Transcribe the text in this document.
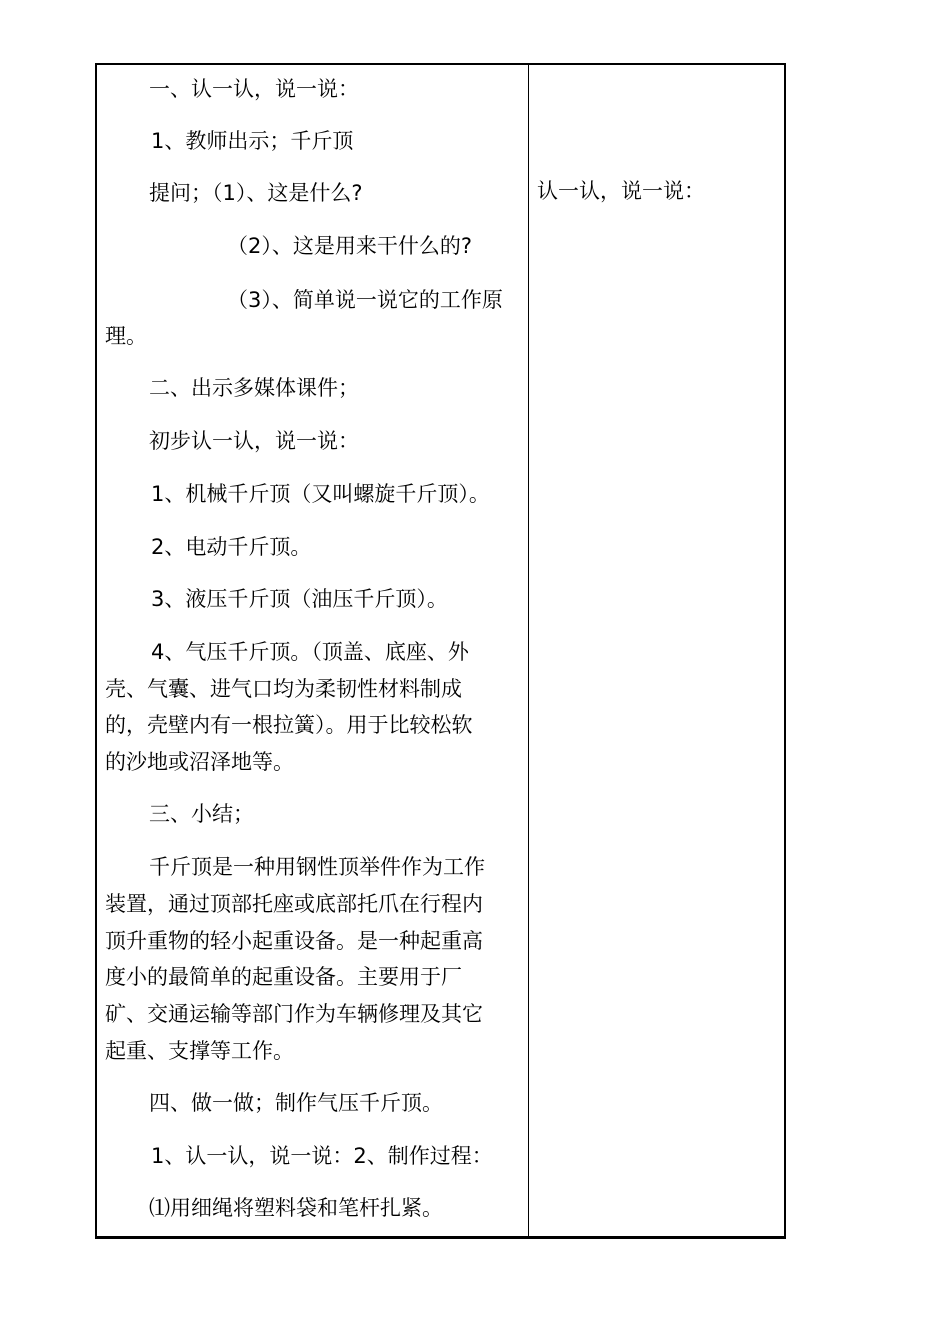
一、认一认，说一说：

1、教师出示；千斤顶

提问；（1）、这是什么?

（2）、这是用来干什么的?

（3）、简单说一说它的工作原

理。

二、出示多媒体课件；

初步认一认，说一说：

1、机械千斤顶（又叫螺旋千斤顶）。

2、电动千斤顶。

3、液压千斤顶（油压千斤顶）。

4、气压千斤顶。（顶盖、底座、外

壳、气囊、进气口均为柔韧性材料制成

的，壳壁内有一根拉簧）。用于比较松软

的沙地或沼泽地等。

三、小结；

千斤顶是一种用钢性顶举件作为工作

装置，通过顶部托座或底部托爪在行程内

顶升重物的轻小起重设备。是一种起重高

度小的最简单的起重设备。主要用于厂

矿、交通运输等部门作为车辆修理及其它

起重、支撑等工作。

四、做一做；制作气压千斤顶。

1、认一认，说一说：2、制作过程：

⑴用细绳将塑料袋和笔杆扎紧。

认一认，说一说：
